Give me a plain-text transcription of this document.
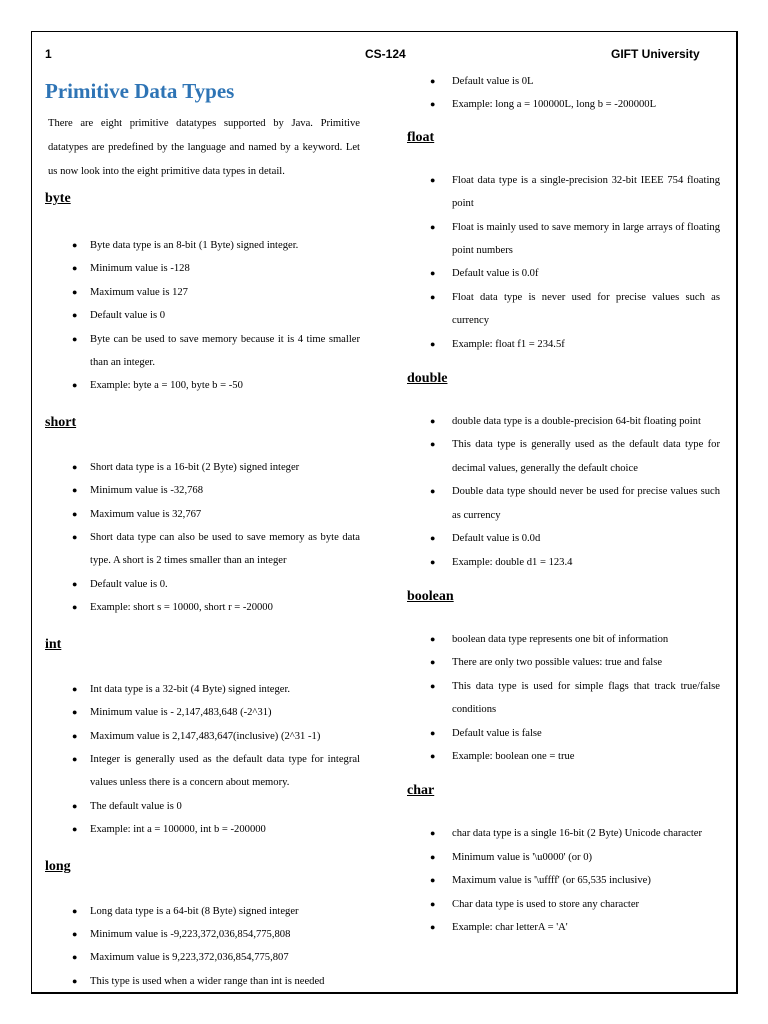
1	CS-124	GIFT University
Primitive Data Types

There are eight primitive datatypes supported by Java. Primitive datatypes are predefined by the language and named by a keyword. Let us now look into the eight primitive data types in detail.

byte
● Byte data type is an 8-bit (1 Byte) signed integer.
● Minimum value is -128
● Maximum value is 127
● Default value is 0
● Byte can be used to save memory because it is 4 time smaller than an integer.
● Example: byte a = 100, byte b = -50
short
● Short data type is a 16-bit (2 Byte) signed integer
● Minimum value is -32,768
● Maximum value is 32,767
● Short data type can also be used to save memory as byte data type. A short is 2 times smaller than an integer
● Default value is 0.
● Example: short s = 10000, short r = -20000
int
● Int data type is a 32-bit (4 Byte) signed integer.
● Minimum value is - 2,147,483,648 (-2^31)
● Maximum value is 2,147,483,647(inclusive) (2^31 -1)
● Integer is generally used as the default data type for integral values unless there is a concern about memory.
● The default value is 0
● Example: int a = 100000, int b = -200000
long
● Long data type is a 64-bit (8 Byte) signed integer
● Minimum value is -9,223,372,036,854,775,808
● Maximum value is 9,223,372,036,854,775,807
● This type is used when a wider range than int is needed
● Default value is 0L
● Example: long a = 100000L, long b = -200000L
float
● Float data type is a single-precision 32-bit IEEE 754 floating point
● Float is mainly used to save memory in large arrays of floating point numbers
● Default value is 0.0f
● Float data type is never used for precise values such as currency
● Example: float f1 = 234.5f
double
● double data type is a double-precision 64-bit floating point
● This data type is generally used as the default data type for decimal values, generally the default choice
● Double data type should never be used for precise values such as currency
● Default value is 0.0d
● Example: double d1 = 123.4
boolean
● boolean data type represents one bit of information
● There are only two possible values: true and false
● This data type is used for simple flags that track true/false conditions
● Default value is false
● Example: boolean one = true
char
● char data type is a single 16-bit (2 Byte) Unicode character
● Minimum value is '\u0000' (or 0)
● Maximum value is '\uffff' (or 65,535 inclusive)
● Char data type is used to store any character
● Example: char letterA = 'A'
